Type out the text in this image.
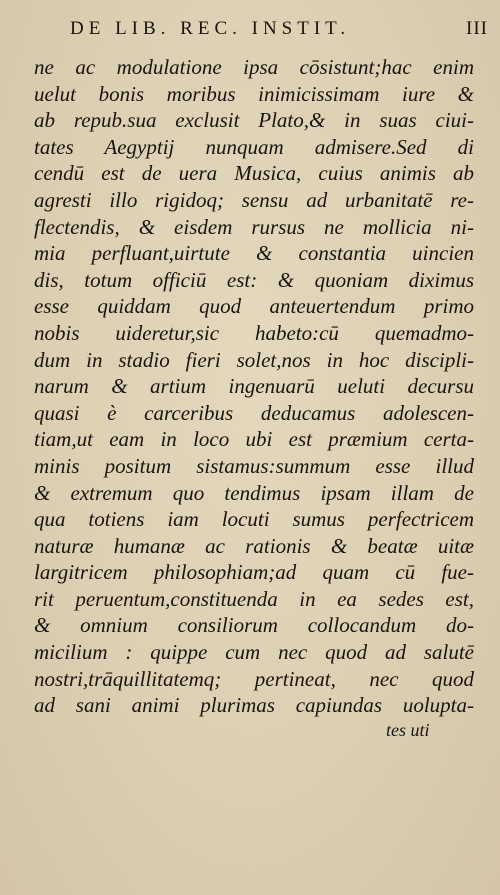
DE LIB. REC. INSTIT.	III
ne ac modulatione ipsa cōsistunt;hac enim
uelut bonis moribus inimicissimam iure &
ab repub.sua exclusit Plato,& in suas ciui-
tates Aegyptij nunquam admisere.Sed di
cendū est de uera Musica, cuius animis ab
agresti illo rigidoq; sensu ad urbanitatē re-
flectendis, & eisdem rursus ne mollicia ni-
mia perfluant,uirtute & constantia uincien
dis, totum officiū est: & quoniam diximus
esse quiddam quod anteuertendum primo
nobis uideretur,sic habeto:cū quemadmo-
dum in stadio fieri solet,nos in hoc discipli-
narum & artium ingenuarū ueluti decursu
quasi è carceribus deducamus adolescen-
tiam,ut eam in loco ubi est præmium certa-
minis positum sistamus:summum esse illud
& extremum quo tendimus ipsam illam de
qua totiens iam locuti sumus perfectricem
naturæ humanæ ac rationis & beatæ uitæ
largitricem philosophiam;ad quam cū fue-
rit peruentum,constituenda in ea sedes est,
& omnium consiliorum collocandum do-
micilium : quippe cum nec quod ad salutē
nostri,trāquillitatemq; pertineat, nec quod
ad sani animi plurimas capiundas uolupta-
tes uti
